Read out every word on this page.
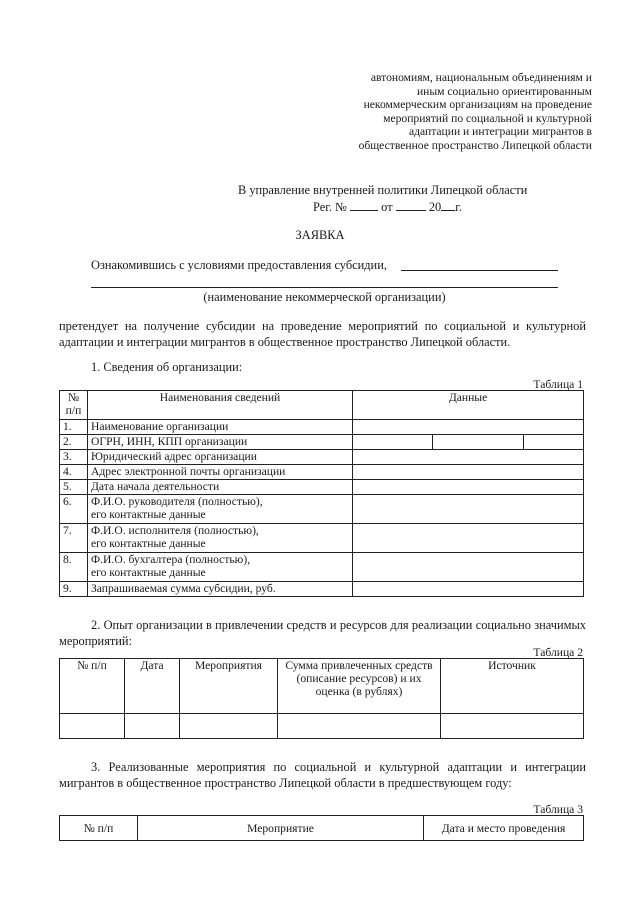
автономиям, национальным объединениям и
иным социально ориентированным
некоммерческим организациям на проведение
мероприятий по социальной и культурной
адаптации и интеграции мигрантов в
общественное пространство Липецкой области
В управление внутренней политики Липецкой области
Рег. №	от	20 г.
ЗАЯВКА
Ознакомившись с условиями предоставления субсидии,
(наименование некоммерческой организации)
претендует на получение субсидии на проведение мероприятий по социальной и культурной адаптации и интеграции мигрантов в общественное пространство Липецкой области.
1. Сведения об организации:
Таблица 1
№ п/п	Наименования сведений	Данные		
1.	Наименование организации			
2.	ОГРН, ИНН, КПП организации			
3.	Юридический адрес организации			
4.	Адрес электронной почты организации			
5.	Дата начала деятельности			
6.	Ф.И.О. руководителя (полностью),
его контактные данные			

7.	Ф.И.О. исполнителя (полностью),
его контактные данные			

8.	Ф.И.О. бухгалтера (полностью),
его контактные данные			

9.	Запрашиваемая сумма субсидии, руб.			
2. Опыт организации в привлечении средств и ресурсов для реализации социально значимых мероприятий:
Таблица 2
№ п/п	Дата	Мероприятия	Сумма привлеченных средств (описание ресурсов) и их оценка (в рублях)	Источник

3. Реализованные мероприятия по социальной и культурной адаптации и интеграции мигрантов в общественное пространство Липецкой области в предшествующем году:
Таблица 3
№ п/п	Мероприятие	Дата и место проведения
